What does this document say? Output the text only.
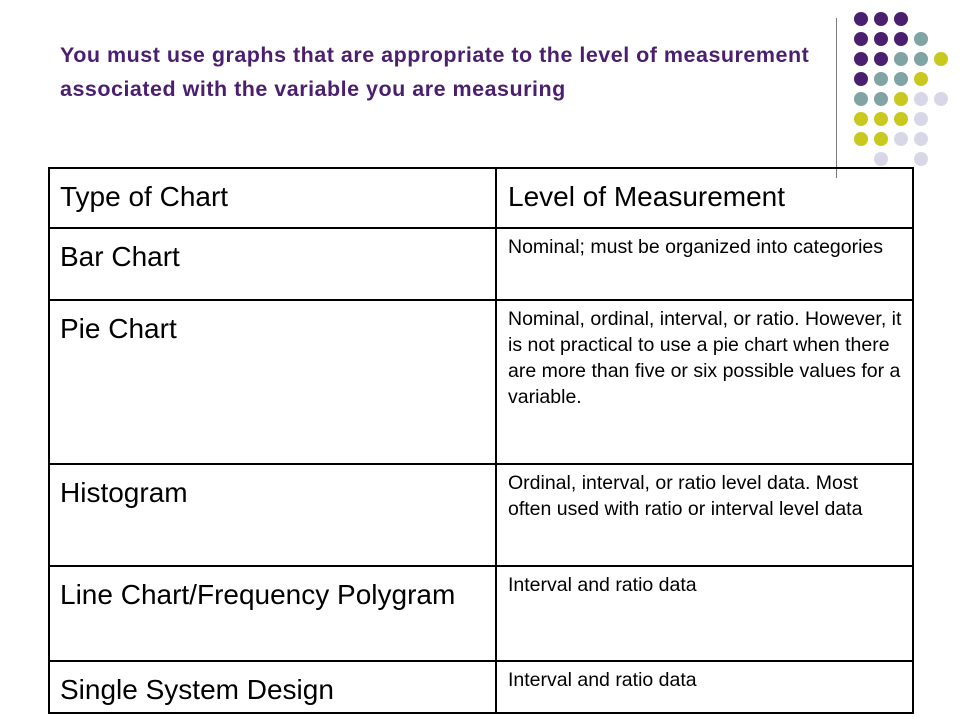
You must use graphs that are appropriate to the level of measurement associated with the variable you are measuring
Type of Chart	Level of Measurement
Bar Chart	Nominal; must be organized into categories
Pie Chart	Nominal, ordinal, interval, or ratio. However, it is not practical to use a pie chart when there are more than five or six possible values for a variable.
Histogram	Ordinal, interval, or ratio level data. Most often used with ratio or interval level data
Line Chart/Frequency Polygram	Interval and ratio data
Single System Design	Interval and ratio data
